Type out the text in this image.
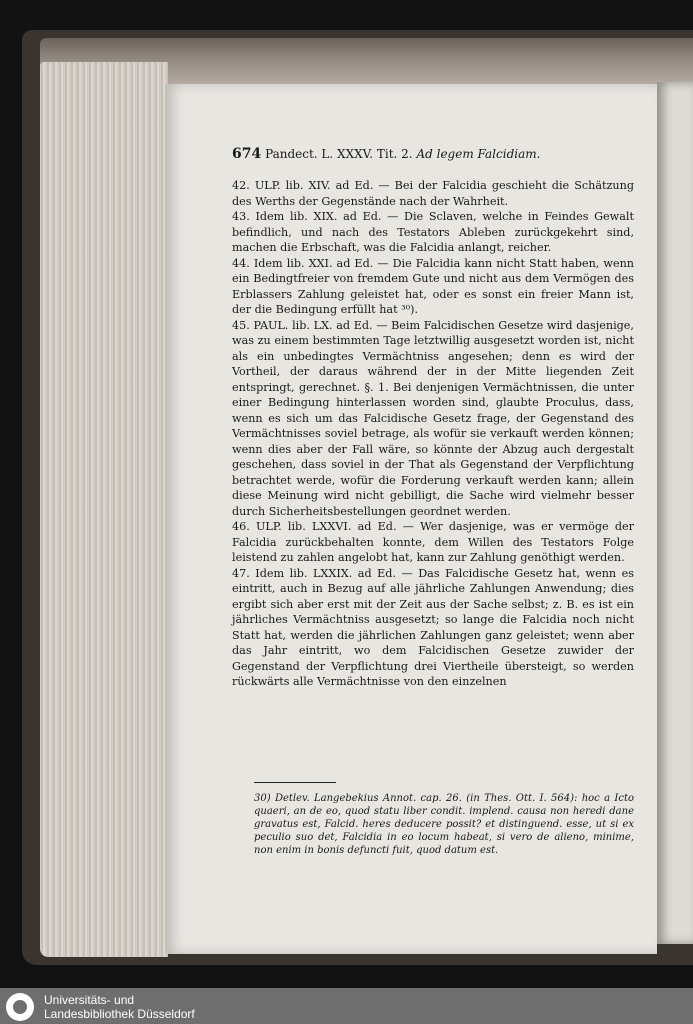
674 Pandect. L. XXXV. Tit. 2. Ad legem Falcidiam.

42. ULP. lib. XIV. ad Ed. — Bei der Falcidia geschieht die Schätzung des Werths der Gegenstände nach der Wahrheit.

43. Idem lib. XIX. ad Ed. — Die Sclaven, welche in Feindes Gewalt befindlich, und nach des Testators Ableben zurückgekehrt sind, machen die Erbschaft, was die Falcidia anlangt, reicher.

44. Idem lib. XXI. ad Ed. — Die Falcidia kann nicht Statt haben, wenn ein Bedingtfreier von fremdem Gute und nicht aus dem Vermögen des Erblassers Zahlung geleistet hat, oder es sonst ein freier Mann ist, der die Bedingung erfüllt hat ³⁰).

45. PAUL. lib. LX. ad Ed. — Beim Falcidischen Gesetze wird dasjenige, was zu einem bestimmten Tage letztwillig ausgesetzt worden ist, nicht als ein unbedingtes Vermächtniss angesehen; denn es wird der Vortheil, der daraus während der in der Mitte liegenden Zeit entspringt, gerechnet. §. 1. Bei denjenigen Vermächtnissen, die unter einer Bedingung hinterlassen worden sind, glaubte Proculus, dass, wenn es sich um das Falcidische Gesetz frage, der Gegenstand des Vermächtnisses soviel betrage, als wofür sie verkauft werden können; wenn dies aber der Fall wäre, so könnte der Abzug auch dergestalt geschehen, dass soviel in der That als Gegenstand der Verpflichtung betrachtet werde, wofür die Forderung verkauft werden kann; allein diese Meinung wird nicht gebilligt, die Sache wird vielmehr besser durch Sicherheitsbestellungen geordnet werden.

46. ULP. lib. LXXVI. ad Ed. — Wer dasjenige, was er vermöge der Falcidia zurückbehalten konnte, dem Willen des Testators Folge leistend zu zahlen angelobt hat, kann zur Zahlung genöthigt werden.

47. Idem lib. LXXIX. ad Ed. — Das Falcidische Gesetz hat, wenn es eintritt, auch in Bezug auf alle jährliche Zahlungen Anwendung; dies ergibt sich aber erst mit der Zeit aus der Sache selbst; z. B. es ist ein jährliches Vermächtniss ausgesetzt; so lange die Falcidia noch nicht Statt hat, werden die jährlichen Zahlungen ganz geleistet; wenn aber das Jahr eintritt, wo dem Falcidischen Gesetze zuwider der Gegenstand der Verpflichtung drei Viertheile übersteigt, so werden rückwärts alle Vermächtnisse von den einzelnen

30) Detlev. Langebekius Annot. cap. 26. (in Thes. Ott. I. 564): hoc a Icto quaeri, an de eo, quod statu liber condit. implend. causa non heredi dane gravatus est, Falcid. heres deducere possit? et distinguend. esse, ut si ex peculio suo det, Falcidia in eo locum habeat, si vero de alieno, minime, non enim in bonis defuncti fuit, quod datum est.
Universitäts- und
Landesbibliothek Düsseldorf
